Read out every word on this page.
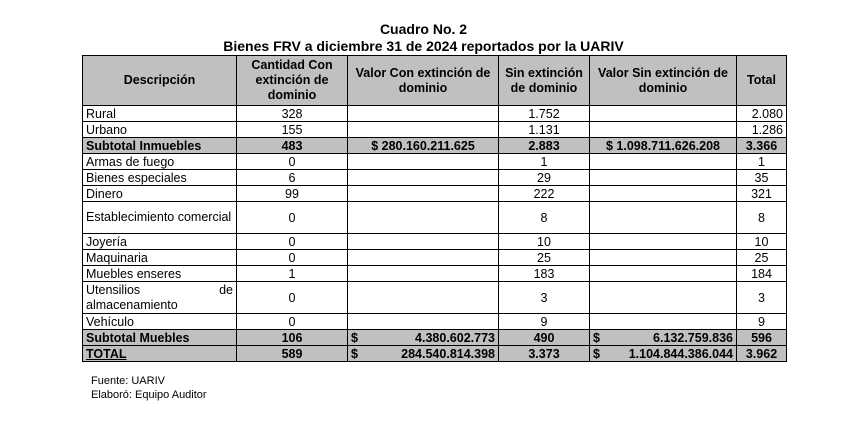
Cuadro No. 2
Bienes FRV a diciembre 31 de 2024 reportados por la UARIV
Descripción	Cantidad Con extinción de dominio	Valor Con extinción de dominio	Sin extinción de dominio	Valor Sin extinción de dominio	Total
Rural	328		1.752		2.080
Urbano	155		1.131		1.286
Subtotal Inmuebles	483	$ 280.160.211.625	2.883	$ 1.098.711.626.208	3.366
Armas de fuego	0		1		1
Bienes especiales	6		29		35
Dinero	99		222		321
Establecimiento comercial	0		8		8
Joyería	0		10		10
Maquinaria	0		25		25
Muebles enseres	1		183		184

Utensilios de
almacenamiento	0		3		3
Vehículo	0		9		9
Subtotal Muebles	106	$ 4.380.602.773	490	$ 6.132.759.836	596
TOTAL	589	$ 284.540.814.398	3.373	$ 1.104.844.386.044	3.962
Fuente: UARIV
Elaboró: Equipo Auditor
